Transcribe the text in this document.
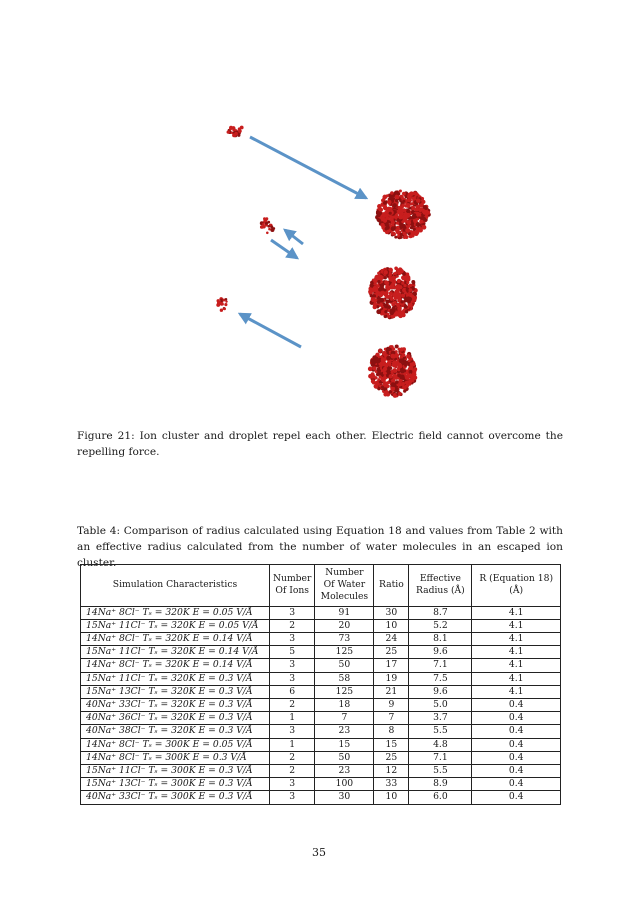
Figure 21: Ion cluster and droplet repel each other. Electric field cannot overcome the repelling force.
Table 4: Comparison of radius calculated using Equation 18 and values from Table 2 with an effective radius calculated from the number of water molecules in an escaped ion cluster.
Simulation Characteristics	Number Of Ions	Number Of Water Molecules	Ratio	Effective Radius (Å)	R (Equation 18) (Å)
14Na⁺ 8Cl⁻ Tₛ = 320K E = 0.05 V/Å	3	91	30	8.7	4.1
15Na⁺ 11Cl⁻ Tₛ = 320K E = 0.05 V/Å	2	20	10	5.2	4.1
14Na⁺ 8Cl⁻ Tₛ = 320K E = 0.14 V/Å	3	73	24	8.1	4.1
15Na⁺ 11Cl⁻ Tₛ = 320K E = 0.14 V/Å	5	125	25	9.6	4.1
14Na⁺ 8Cl⁻ Tₛ = 320K E = 0.14 V/Å	3	50	17	7.1	4.1
15Na⁺ 11Cl⁻ Tₛ = 320K E = 0.3 V/Å	3	58	19	7.5	4.1
15Na⁺ 13Cl⁻ Tₛ = 320K E = 0.3 V/Å	6	125	21	9.6	4.1
40Na⁺ 33Cl⁻ Tₛ = 320K E = 0.3 V/Å	2	18	9	5.0	0.4
40Na⁺ 36Cl⁻ Tₛ = 320K E = 0.3 V/Å	1	7	7	3.7	0.4
40Na⁺ 38Cl⁻ Tₛ = 320K E = 0.3 V/Å	3	23	8	5.5	0.4
14Na⁺ 8Cl⁻ Tₛ = 300K E = 0.05 V/Å	1	15	15	4.8	0.4
14Na⁺ 8Cl⁻ Tₛ = 300K E = 0.3 V/Å	2	50	25	7.1	0.4
15Na⁺ 11Cl⁻ Tₛ = 300K E = 0.3 V/Å	2	23	12	5.5	0.4
15Na⁺ 13Cl⁻ Tₛ = 300K E = 0.3 V/Å	3	100	33	8.9	0.4
40Na⁺ 33Cl⁻ Tₛ = 300K E = 0.3 V/Å	3	30	10	6.0	0.4
35
